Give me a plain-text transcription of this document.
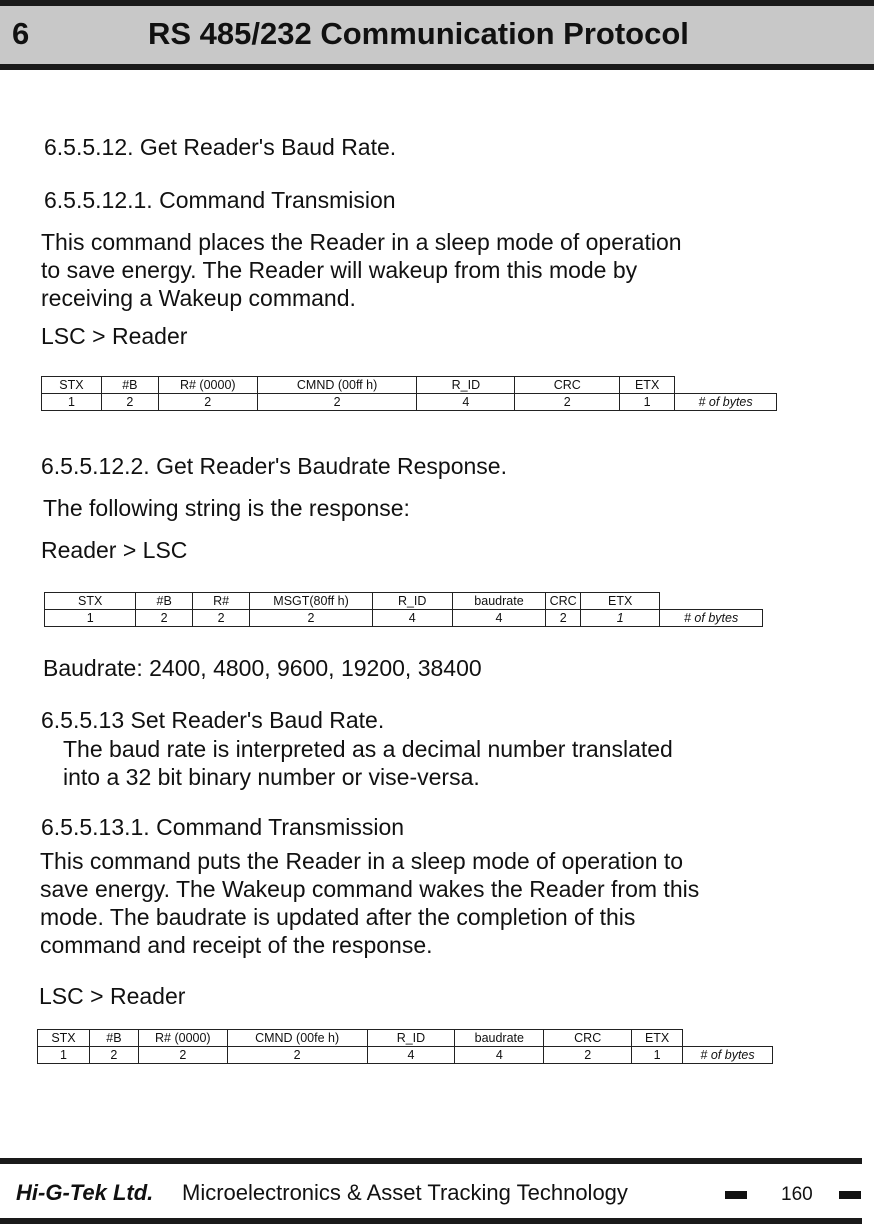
6	RS 485/232 Communication Protocol
6.5.5.12. Get Reader's Baud Rate.
6.5.5.12.1. Command Transmision
This command places the Reader in a sleep mode of operation
to save energy. The Reader will wakeup from this mode by
receiving a Wakeup command.
LSC > Reader
STX	#B	R# (0000)	CMND (00ff h)	R_ID	CRC	ETX	
1	2	2	2	4	2	1	# of bytes
6.5.5.12.2. Get Reader's Baudrate Response.
The following string is the response:
Reader > LSC
STX	#B	R#	MSGT(80ff h)	R_ID	baudrate	CRC	ETX	
1	2	2	2	4	4	2	1	# of bytes
Baudrate: 2400, 4800, 9600, 19200, 38400
6.5.5.13 Set Reader's Baud Rate.
The baud rate is interpreted as a decimal number translated
into a 32 bit binary number or vise-versa.
6.5.5.13.1. Command Transmission
This command puts the Reader in a sleep mode of operation to
save energy. The Wakeup command wakes the Reader from this
mode. The baudrate is updated after the completion of this
command and receipt of the response.
LSC > Reader
STX	#B	R# (0000)	CMND (00fe h)	R_ID	baudrate	CRC	ETX	
1	2	2	2	4	4	2	1	# of bytes
Hi-G-Tek Ltd. Microelectronics & Asset Tracking Technology	160
